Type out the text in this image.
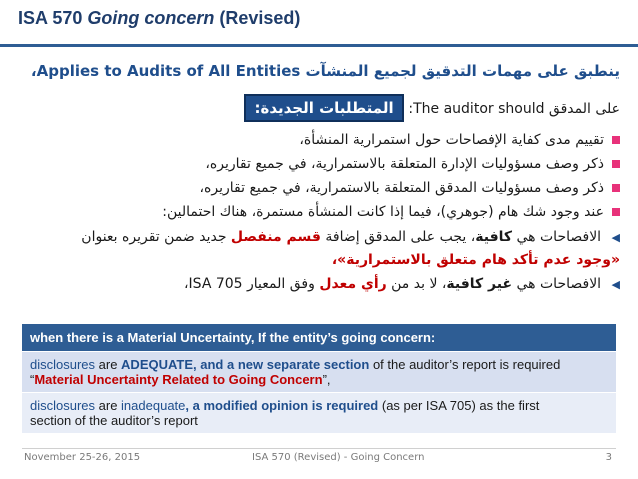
ISA 570 Going concern (Revised)
ينطبق على مهمات التدقيق لجميع المنشآت Applies to Audits of All Entities،
المتطلبات الجديدة: على المدقق The auditor should:
تقييم مدى كفاية الإفصاحات حول استمرارية المنشأة،
ذكر وصف مسؤوليات الإدارة المتعلقة بالاستمرارية، في جميع تقاريره،
ذكر وصف مسؤوليات المدقق المتعلقة بالاستمرارية، في جميع تقاريره،
عند وجود شك هام (جوهري)، فيما إذا كانت المنشأة مستمرة، هناك احتمالين:
◀ الافصاحات هي كافية، يجب على المدقق إضافة قسم منفصل جديد ضمن تقريره بعنوان
«وجود عدم تأكد هام متعلق بالاستمرارية»،
◀ الافصاحات هي غير كافية، لا بد من رأي معدل وفق المعيار ISA 705،
when there is a Material Uncertainty, If the entity’s going concern:	
disclosures are ADEQUATE, and a new separate section of the auditor’s report is required “Material Uncertainty Related to Going Concern”,	
disclosures are inadequate, a modified opinion is required (as per ISA 705) as the first section of the auditor’s report	
November 25-26, 2015	ISA 570 (Revised) - Going Concern	3
